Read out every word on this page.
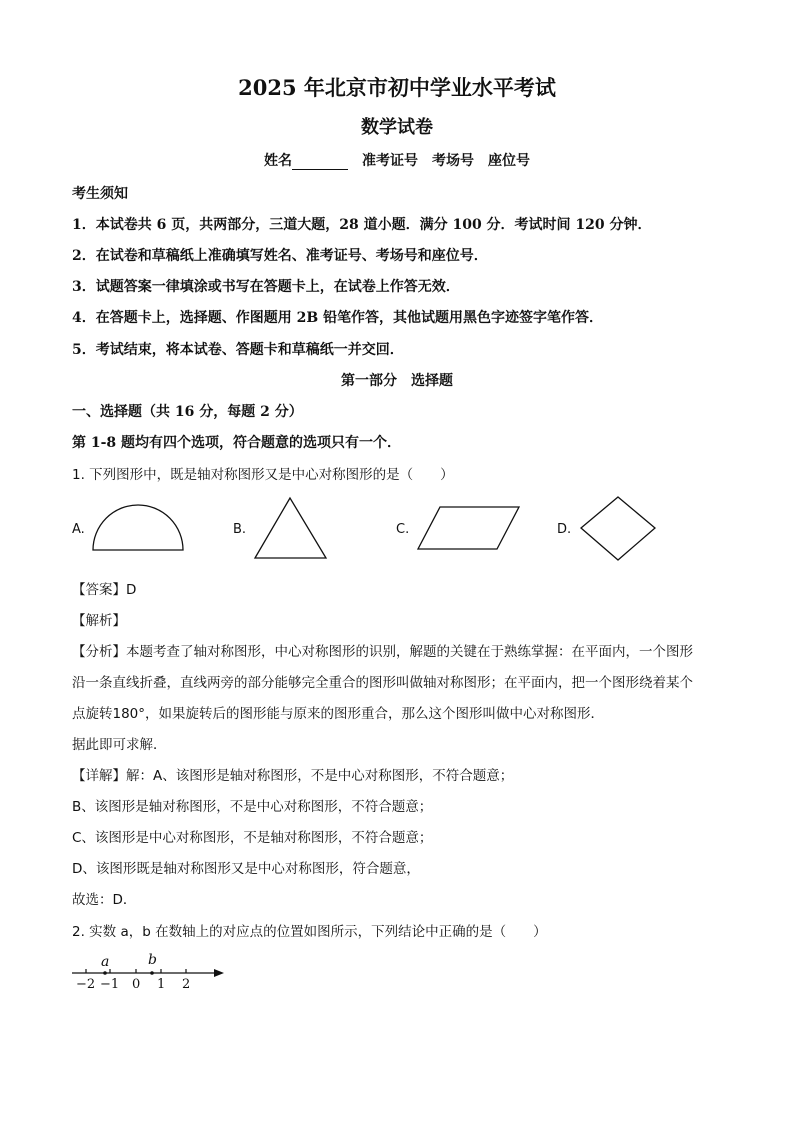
2025 年北京市初中学业水平考试
数学试卷
姓名	准考证号 考场号 座位号
考生须知
1．本试卷共 6 页，共两部分，三道大题，28 道小题．满分 100 分．考试时间 120 分钟．
2．在试卷和草稿纸上准确填写姓名、准考证号、考场号和座位号．
3．试题答案一律填涂或书写在答题卡上，在试卷上作答无效．
4．在答题卡上，选择题、作图题用 2B 铅笔作答，其他试题用黑色字迹签字笔作答．
5．考试结束，将本试卷、答题卡和草稿纸一并交回．
第一部分　选择题
一、选择题（共 16 分，每题 2 分）
第 1-8 题均有四个选项，符合题意的选项只有一个．
1. 下列图形中，既是轴对称图形又是中心对称图形的是（　　）
A.	B.	C.	D.
【答案】D
【解析】
【分析】本题考查了轴对称图形，中心对称图形的识别，解题的关键在于熟练掌握：在平面内，一个图形
沿一条直线折叠，直线两旁的部分能够完全重合的图形叫做轴对称图形；在平面内，把一个图形绕着某个
点旋转180°，如果旋转后的图形能与原来的图形重合，那么这个图形叫做中心对称图形．
据此即可求解．
【详解】解：A、该图形是轴对称图形，不是中心对称图形，不符合题意；
B、该图形是轴对称图形，不是中心对称图形，不符合题意；
C、该图形是中心对称图形，不是轴对称图形，不符合题意；
D、该图形既是轴对称图形又是中心对称图形，符合题意，
故选：D．
2. 实数 a，b 在数轴上的对应点的位置如图所示，下列结论中正确的是（　　）
a	b
−2 −1 0 1 2
